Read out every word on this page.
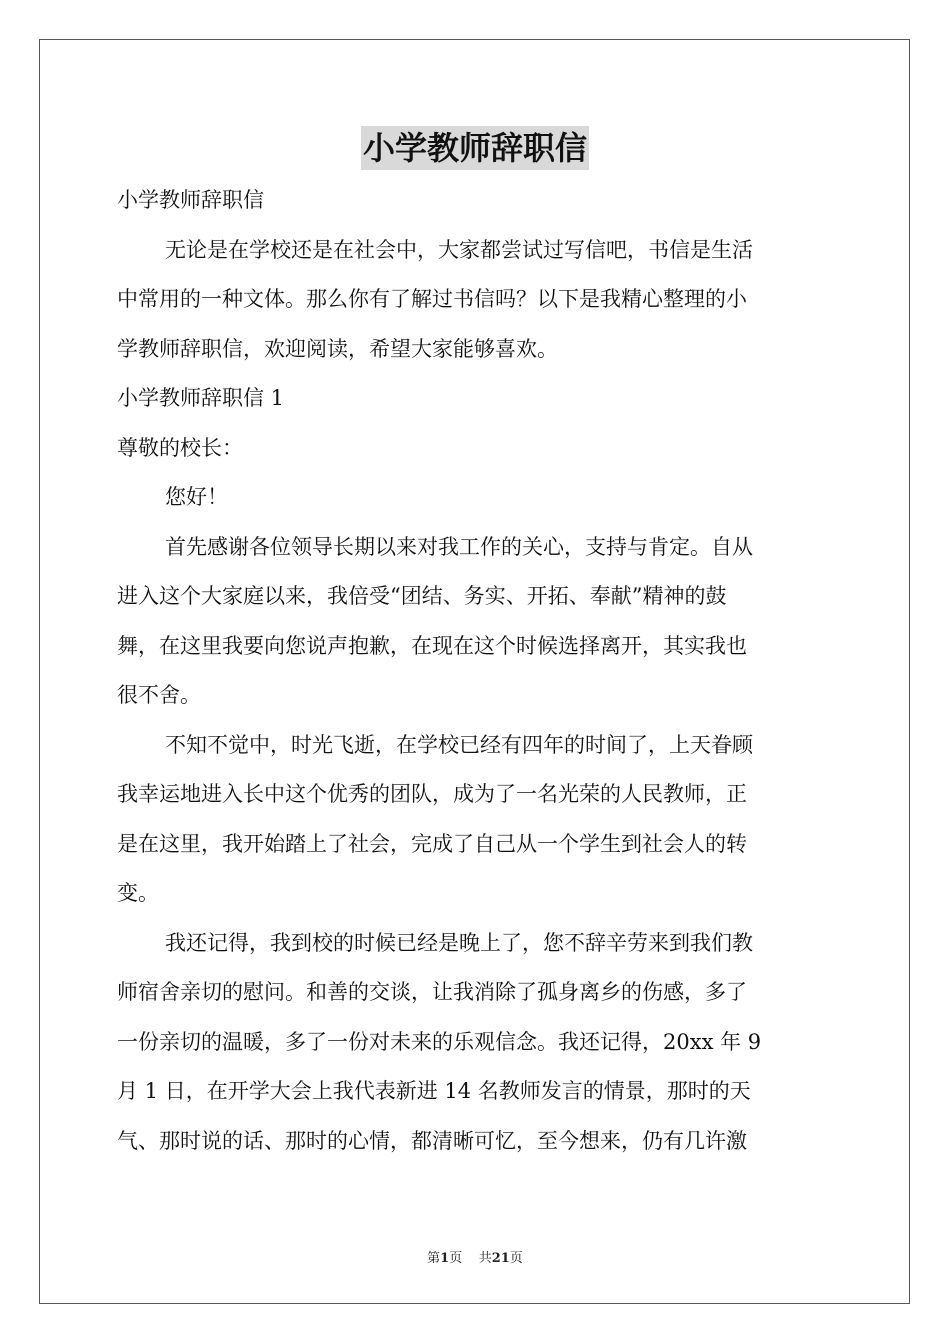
小学教师辞职信

小学教师辞职信

无论是在学校还是在社会中，大家都尝试过写信吧，书信是生活

中常用的一种文体。那么你有了解过书信吗？以下是我精心整理的小

学教师辞职信，欢迎阅读，希望大家能够喜欢。

小学教师辞职信 1

尊敬的校长：

您好！

首先感谢各位领导长期以来对我工作的关心，支持与肯定。自从

进入这个大家庭以来，我倍受“团结、务实、开拓、奉献”精神的鼓

舞，在这里我要向您说声抱歉，在现在这个时候选择离开，其实我也

很不舍。

不知不觉中，时光飞逝，在学校已经有四年的时间了，上天眷顾

我幸运地进入长中这个优秀的团队，成为了一名光荣的人民教师，正

是在这里，我开始踏上了社会，完成了自己从一个学生到社会人的转

变。

我还记得，我到校的时候已经是晚上了，您不辞辛劳来到我们教

师宿舍亲切的慰问。和善的交谈，让我消除了孤身离乡的伤感，多了

一份亲切的温暖，多了一份对未来的乐观信念。我还记得，20xx 年 9

月 1 日，在开学大会上我代表新进 14 名教师发言的情景，那时的天

气、那时说的话、那时的心情，都清晰可忆，至今想来，仍有几许激

第1页 共21页
